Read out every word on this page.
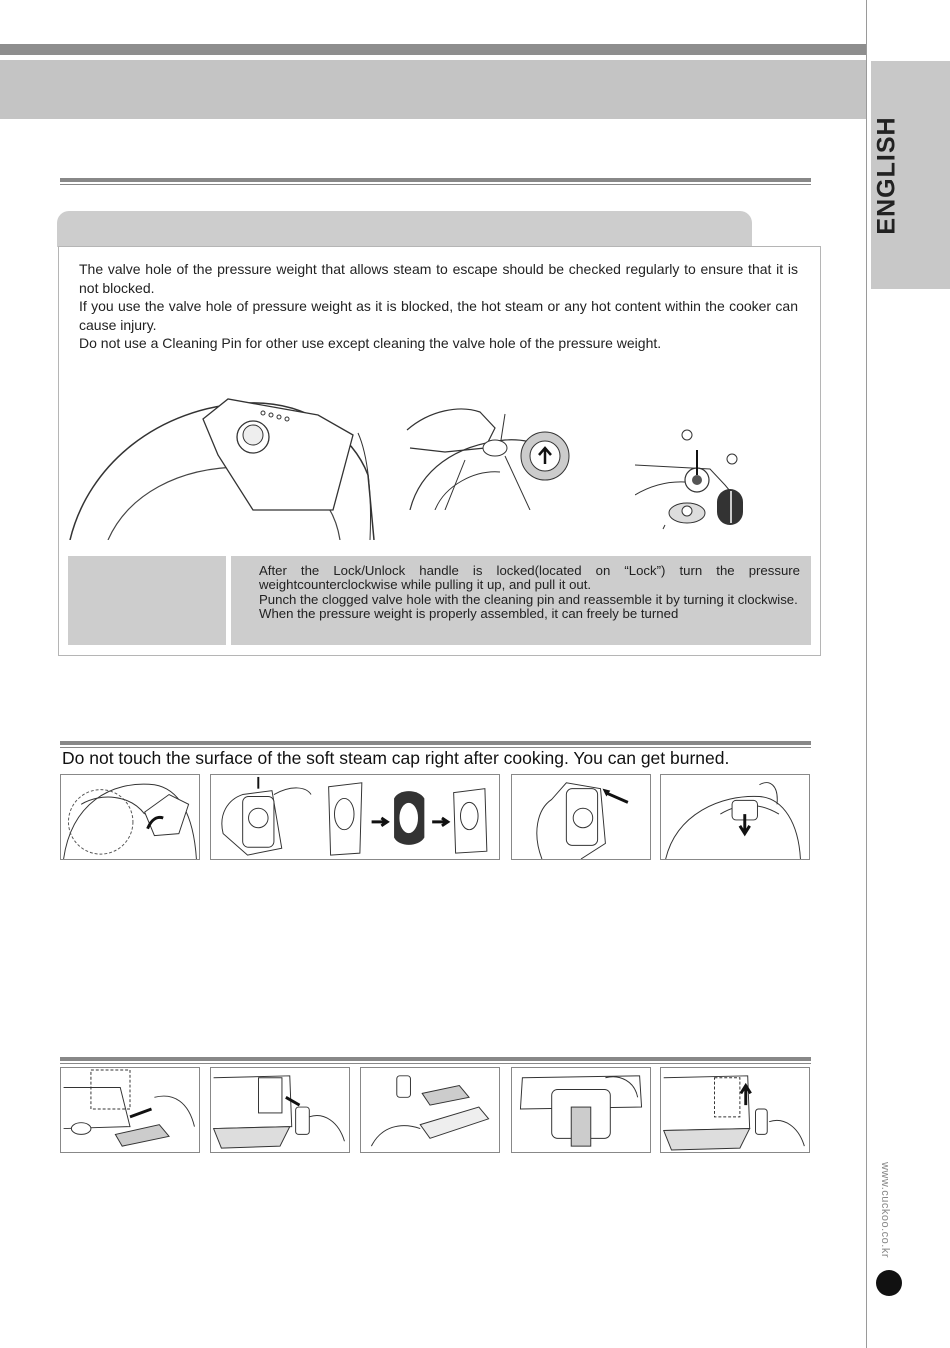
ENGLISH
www.cuckoo.co.kr

The valve hole of the pressure weight that allows steam to escape should be checked regularly to ensure that it is not blocked.

If you use the valve hole of pressure weight as it is blocked, the hot steam or any hot content within the cooker can cause injury.

Do not use a Cleaning Pin for other use except cleaning the valve hole of the pressure weight.

After the Lock/Unlock handle is locked(located on “Lock”) turn the pressure weightcounterclockwise while pulling it up, and pull it out.

Punch the clogged valve hole with the cleaning pin and reassemble it by turning it clockwise.

When the pressure weight is properly assembled, it can freely be turned

Do not touch the surface of the soft steam cap right after cooking. You can get burned.
